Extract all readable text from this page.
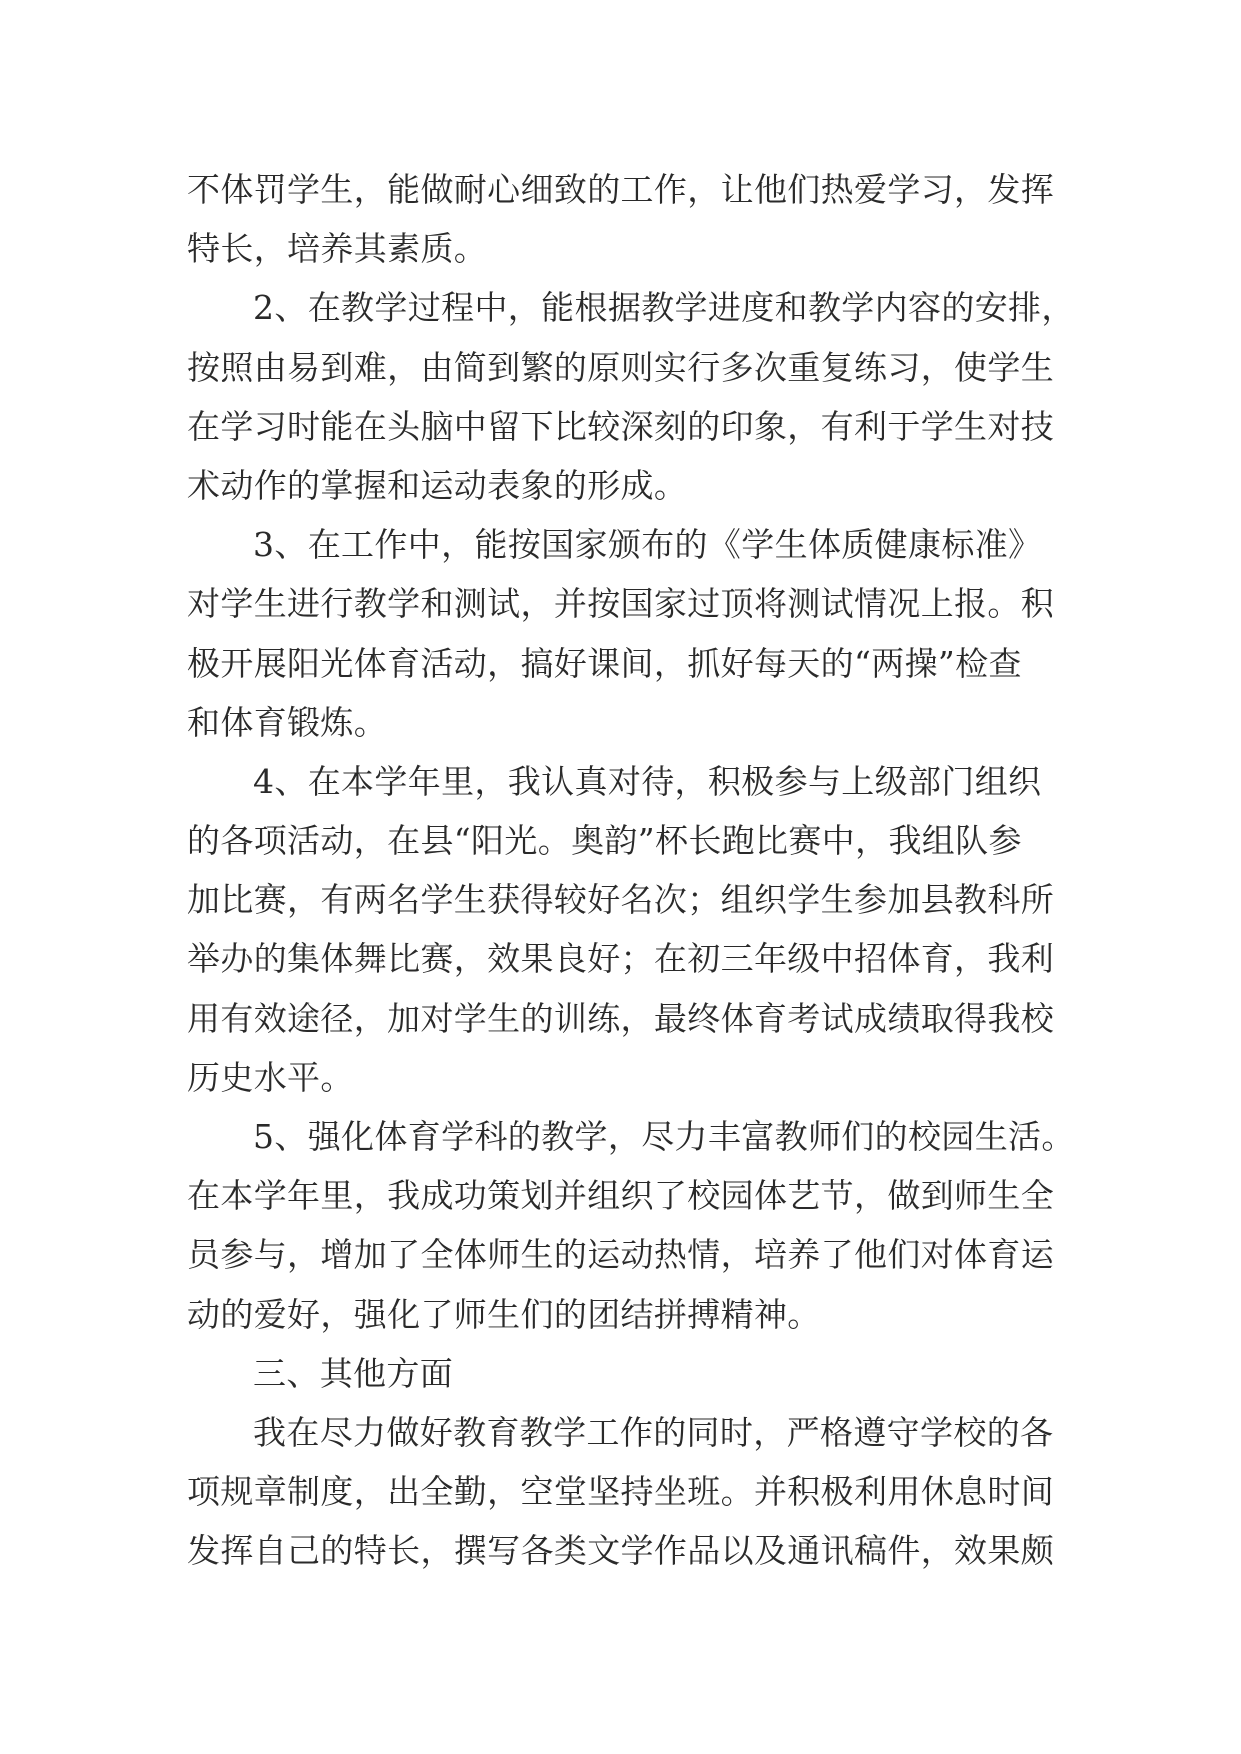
不体罚学生，能做耐心细致的工作，让他们热爱学习，发挥
特长，培养其素质。
2、在教学过程中，能根据教学进度和教学内容的安排，
按照由易到难，由简到繁的原则实行多次重复练习，使学生
在学习时能在头脑中留下比较深刻的印象，有利于学生对技
术动作的掌握和运动表象的形成。
3、在工作中，能按国家颁布的《学生体质健康标准》
对学生进行教学和测试，并按国家过顶将测试情况上报。积
极开展阳光体育活动，搞好课间，抓好每天的“两操”检查
和体育锻炼。
4、在本学年里，我认真对待，积极参与上级部门组织
的各项活动，在县“阳光。奥韵”杯长跑比赛中，我组队参
加比赛，有两名学生获得较好名次；组织学生参加县教科所
举办的集体舞比赛，效果良好；在初三年级中招体育，我利
用有效途径，加对学生的训练，最终体育考试成绩取得我校
历史水平。
5、强化体育学科的教学，尽力丰富教师们的校园生活。
在本学年里，我成功策划并组织了校园体艺节，做到师生全
员参与，增加了全体师生的运动热情，培养了他们对体育运
动的爱好，强化了师生们的团结拼搏精神。
三、其他方面
我在尽力做好教育教学工作的同时，严格遵守学校的各
项规章制度，出全勤，空堂坚持坐班。并积极利用休息时间
发挥自己的特长，撰写各类文学作品以及通讯稿件，效果颇
